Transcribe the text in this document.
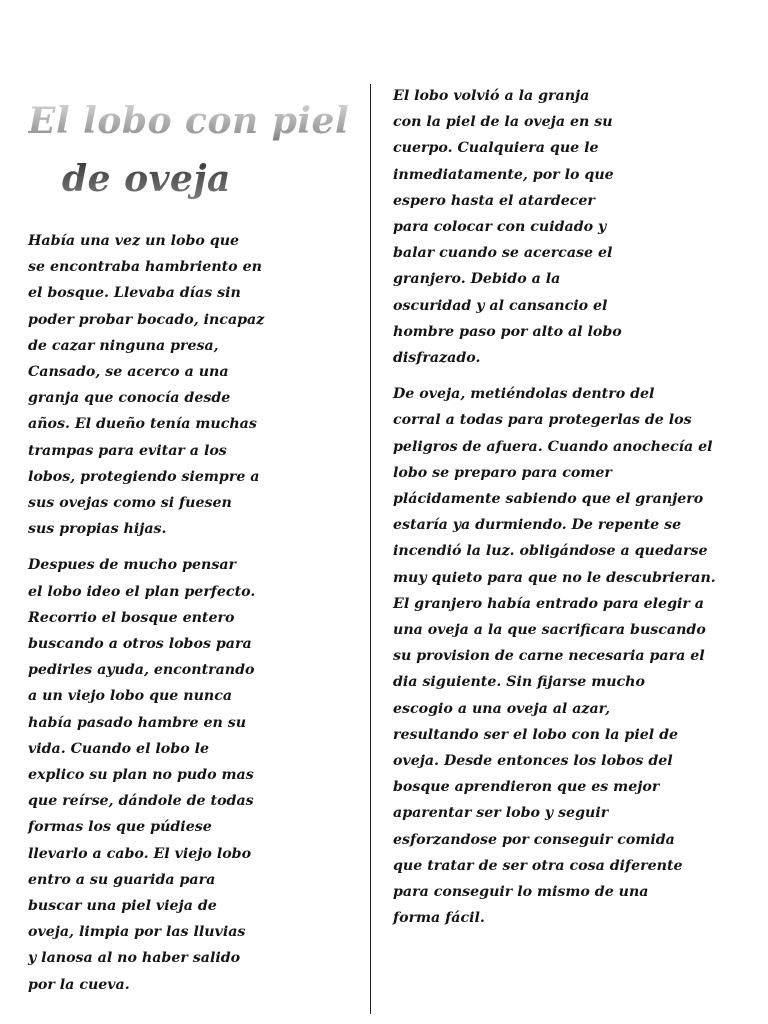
El lobo con piel
de oveja

Había una vez un lobo que
se encontraba hambriento en
el bosque. Llevaba días sin
poder probar bocado, incapaz
de cazar ninguna presa,
Cansado, se acerco a una
granja que conocía desde
años. El dueño tenía muchas
trampas para evitar a los
lobos, protegiendo siempre a
sus ovejas como si fuesen
sus propias hijas.

Despues de mucho pensar
el lobo ideo el plan perfecto.
Recorrio el bosque entero
buscando a otros lobos para
pedirles ayuda, encontrando
a un viejo lobo que nunca
había pasado hambre en su
vida. Cuando el lobo le
explico su plan no pudo mas
que reírse, dándole de todas
formas los que púdiese
llevarlo a cabo. El viejo lobo
entro a su guarida para
buscar una piel vieja de
oveja, limpia por las lluvias
y lanosa al no haber salido
por la cueva.

El lobo volvió a la granja
con la piel de la oveja en su
cuerpo. Cualquiera que le
inmediatamente, por lo que
espero hasta el atardecer
para colocar con cuidado y
balar cuando se acercase el
granjero. Debido a la
oscuridad y al cansancio el
hombre paso por alto al lobo
disfrazado.

De oveja, metiéndolas dentro del
corral a todas para protegerlas de los
peligros de afuera. Cuando anochecía el
lobo se preparo para comer
plácidamente sabiendo que el granjero
estaría ya durmiendo. De repente se
incendió la luz. obligándose a quedarse
muy quieto para que no le descubrieran.
El granjero había entrado para elegir a
una oveja a la que sacrificara buscando
su provision de carne necesaria para el
dia siguiente. Sin fijarse mucho
escogio a una oveja al azar,
resultando ser el lobo con la piel de
oveja. Desde entonces los lobos del
bosque aprendieron que es mejor
aparentar ser lobo y seguir
esforzandose por conseguir comida
que tratar de ser otra cosa diferente
para conseguir lo mismo de una
forma fácil.
